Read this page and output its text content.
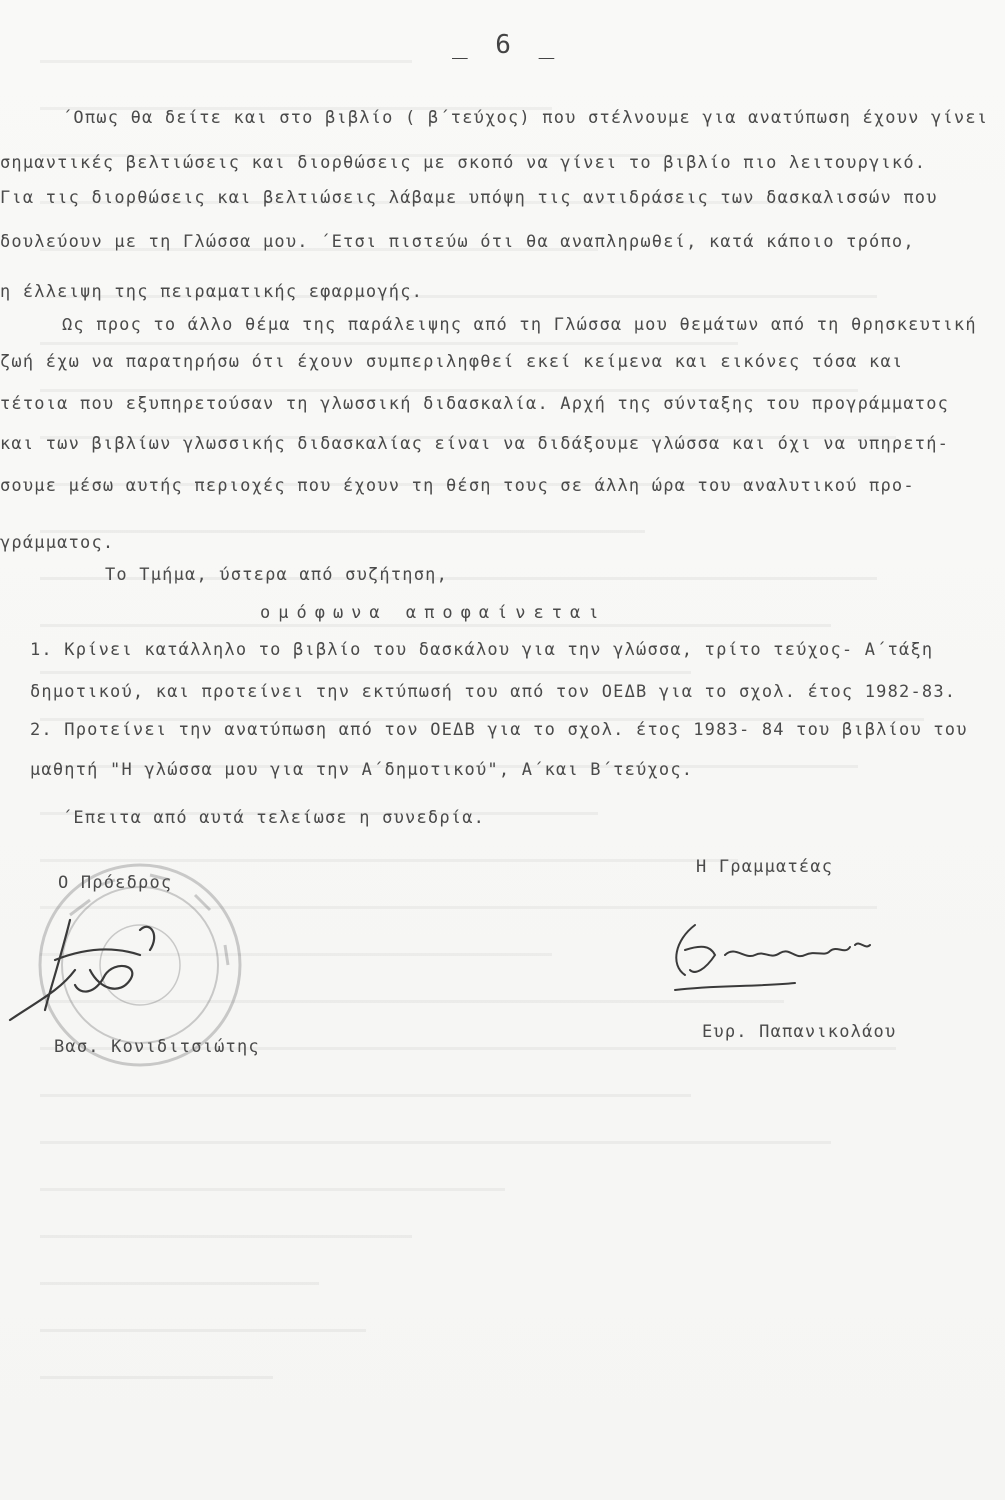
_ 6 _
΄Οπως θα δείτε και στο βιβλίο ( β΄τεύχος) που στέλνουμε για ανατύπωση έχουν γίνει
σημαντικές βελτιώσεις και διορθώσεις με σκοπό να γίνει το βιβλίο πιο λειτουργικό.
Για τις διορθώσεις και βελτιώσεις λάβαμε υπόψη τις αντιδράσεις των δασκαλισσών που
δουλεύουν με τη Γλώσσα μου. ΄Ετσι πιστεύω ότι θα αναπληρωθεί, κατά κάποιο τρόπο,
η έλλειψη της πειραματικής εφαρμογής.
Ως προς το άλλο θέμα της παράλειψης από τη Γλώσσα μου θεμάτων από τη θρησκευτική
ζωή έχω να παρατηρήσω ότι έχουν συμπεριληφθεί εκεί κείμενα και εικόνες τόσα και
τέτοια που εξυπηρετούσαν τη γλωσσική διδασκαλία. Αρχή της σύνταξης του προγράμματος
και των βιβλίων γλωσσικής διδασκαλίας είναι να διδάξουμε γλώσσα και όχι να υπηρετή-
σουμε μέσω αυτής περιοχές που έχουν τη θέση τους σε άλλη ώρα του αναλυτικού προ-
γράμματος.
Το Τμήμα, ύστερα από συζήτηση,
ομόφωνα αποφαίνεται
1. Κρίνει κατάλληλο το βιβλίο του δασκάλου για την γλώσσα, τρίτο τεύχος- Α΄τάξη
δημοτικού, και προτείνει την εκτύπωσή του από τον ΟΕΔΒ για το σχολ. έτος 1982-83.
2. Προτείνει την ανατύπωση από τον ΟΕΔΒ για το σχολ. έτος 1983- 84 του βιβλίου του
μαθητή "Η γλώσσα μου για την Α΄δημοτικού", Α΄και Β΄τεύχος.
΄Επειτα από αυτά τελείωσε η συνεδρία.
Ο Πρόεδρος
Η Γραμματέας
Βασ. Κονιδιτσιώτης
Ευρ. Παπανικολάου
